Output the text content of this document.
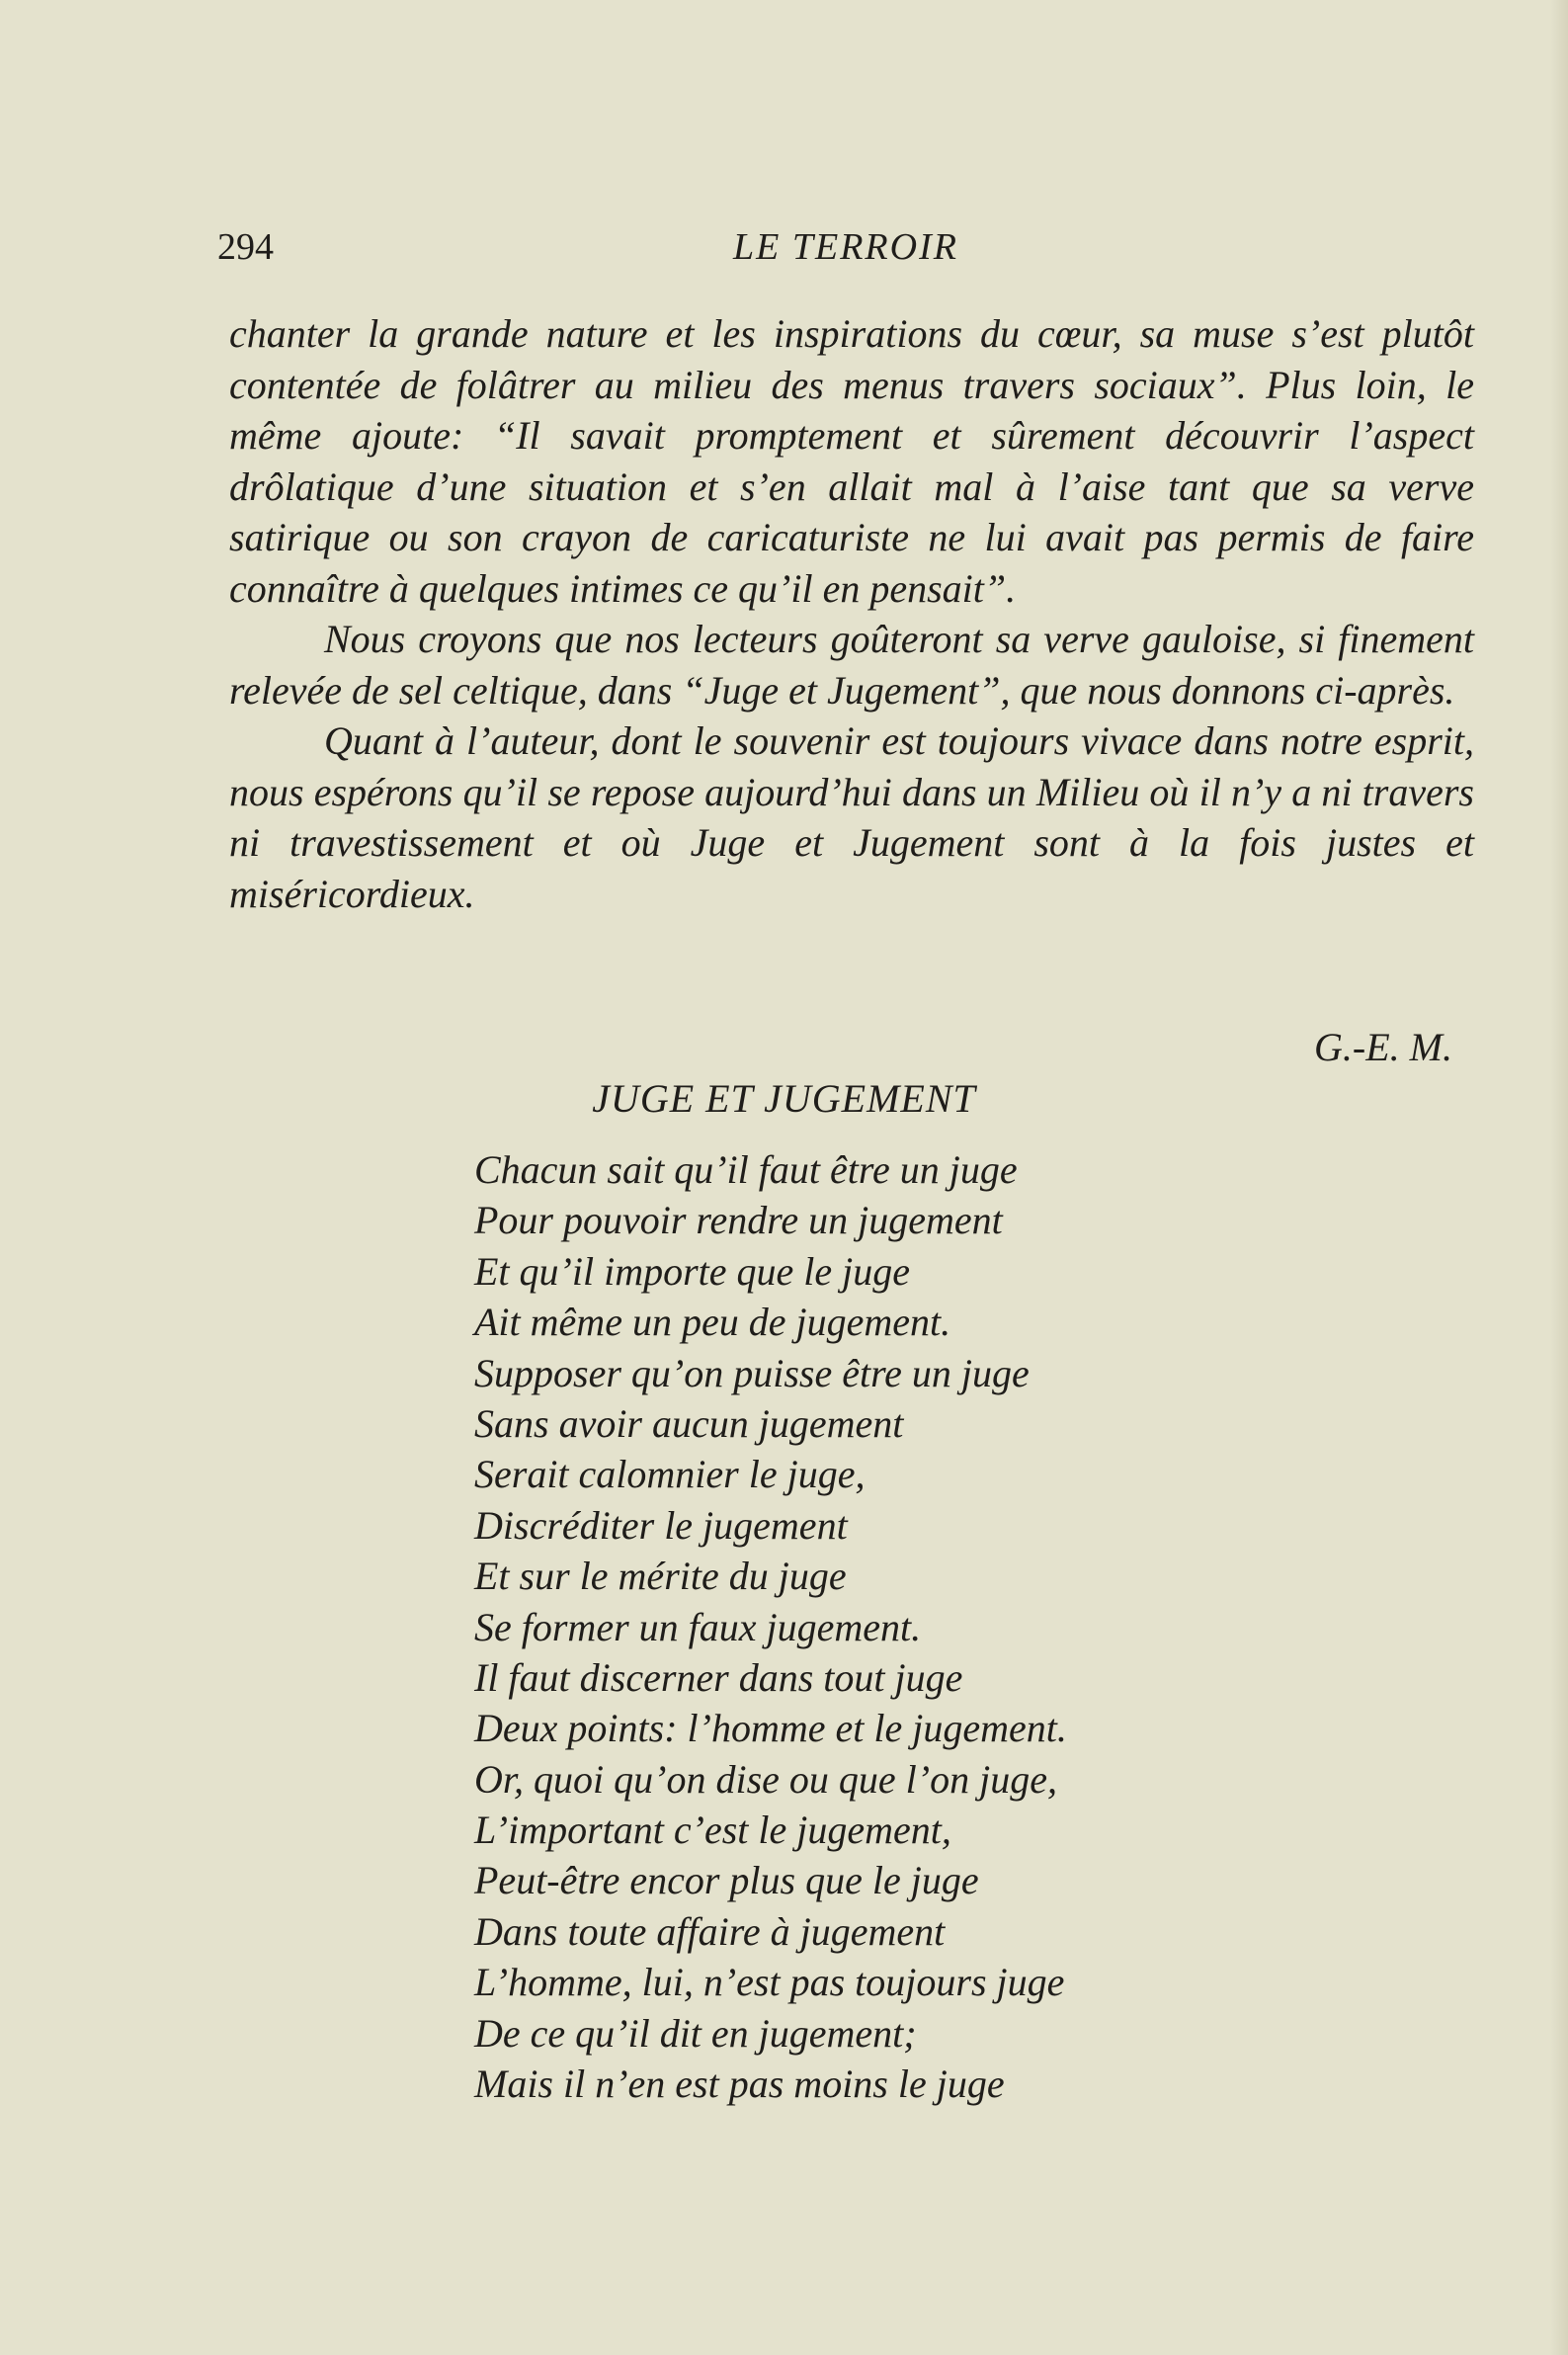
294	LE TERROIR

chanter la grande nature et les inspirations du cœur, sa muse s’est plutôt contentée de folâtrer au milieu des menus travers sociaux”. Plus loin, le même ajoute: “Il savait promptement et sûrement découvrir l’aspect drôlatique d’une situation et s’en allait mal à l’aise tant que sa verve satirique ou son crayon de caricaturiste ne lui avait pas permis de faire connaître à quelques intimes ce qu’il en pensait”.

Nous croyons que nos lecteurs goûteront sa verve gauloise, si finement relevée de sel celtique, dans “Juge et Jugement”, que nous donnons ci-après.

Quant à l’auteur, dont le souvenir est toujours vivace dans notre esprit, nous espérons qu’il se repose aujourd’hui dans un Milieu où il n’y a ni travers ni travestissement et où Juge et Jugement sont à la fois justes et miséricordieux.

G.-E. M.
JUGE ET JUGEMENT
Chacun sait qu’il faut être un juge
Pour pouvoir rendre un jugement
Et qu’il importe que le juge
Ait même un peu de jugement.
Supposer qu’on puisse être un juge
Sans avoir aucun jugement
Serait calomnier le juge,
Discréditer le jugement
Et sur le mérite du juge
Se former un faux jugement.
Il faut discerner dans tout juge
Deux points: l’homme et le jugement.
Or, quoi qu’on dise ou que l’on juge,
L’important c’est le jugement,
Peut-être encor plus que le juge
Dans toute affaire à jugement
L’homme, lui, n’est pas toujours juge
De ce qu’il dit en jugement;
Mais il n’en est pas moins le juge
